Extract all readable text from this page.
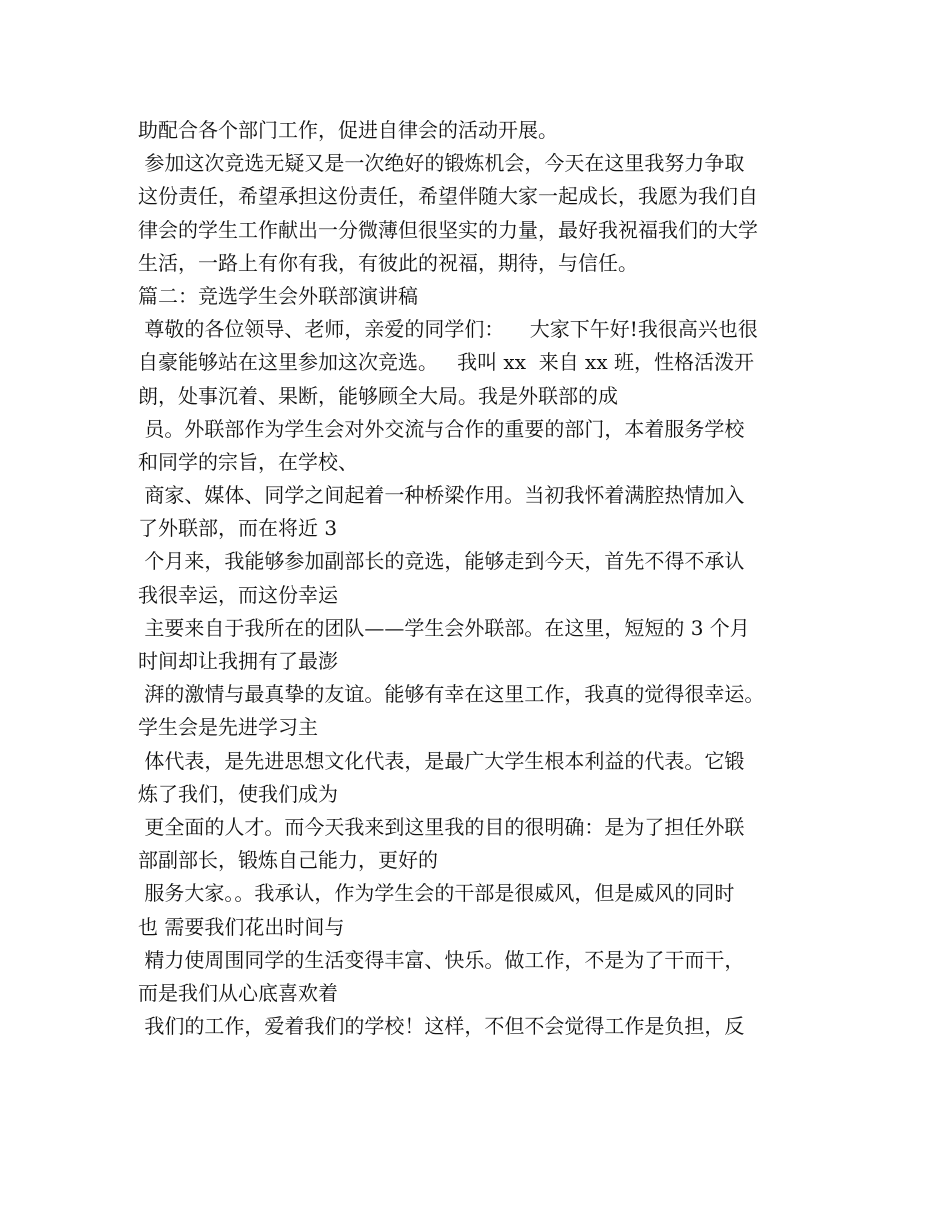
助配合各个部门工作，促进自律会的活动开展。
参加这次竞选无疑又是一次绝好的锻炼机会，今天在这里我努力争取
这份责任，希望承担这份责任，希望伴随大家一起成长，我愿为我们自
律会的学生工作献出一分微薄但很坚实的力量，最好我祝福我们的大学
生活，一路上有你有我，有彼此的祝福，期待，与信任。
篇二：竞选学生会外联部演讲稿
尊敬的各位领导、老师，亲爱的同学们：    大家下午好!我很高兴也很
自豪能够站在这里参加这次竞选。   我叫 xx  来自 xx 班，性格活泼开
朗，处事沉着、果断，能够顾全大局。我是外联部的成
员。外联部作为学生会对外交流与合作的重要的部门，本着服务学校
和同学的宗旨，在学校、
商家、媒体、同学之间起着一种桥梁作用。当初我怀着满腔热情加入
了外联部，而在将近 3
个月来，我能够参加副部长的竞选，能够走到今天，首先不得不承认
我很幸运，而这份幸运
主要来自于我所在的团队——学生会外联部。在这里，短短的 3 个月
时间却让我拥有了最澎
湃的激情与最真挚的友谊。能够有幸在这里工作，我真的觉得很幸运。
学生会是先进学习主
体代表，是先进思想文化代表，是最广大学生根本利益的代表。它锻
炼了我们，使我们成为
更全面的人才。而今天我来到这里我的目的很明确：是为了担任外联
部副部长，锻炼自己能力，更好的
服务大家。。我承认，作为学生会的干部是很威风，但是威风的同时
也 需要我们花出时间与
精力使周围同学的生活变得丰富、快乐。做工作，不是为了干而干，
而是我们从心底喜欢着
我们的工作，爱着我们的学校！这样，不但不会觉得工作是负担，反
